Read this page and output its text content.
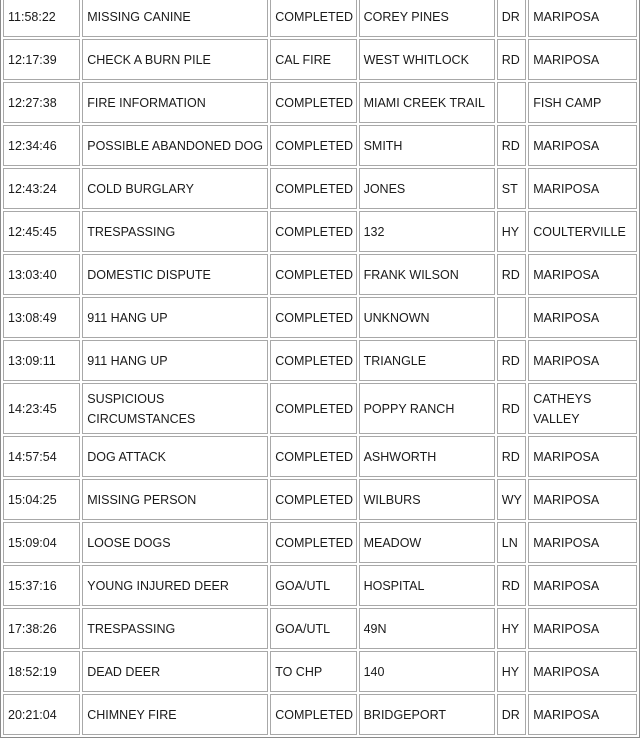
11:58:22	MISSING CANINE	COMPLETED	COREY PINES	DR	MARIPOSA
12:17:39	CHECK A BURN PILE	CAL FIRE	WEST WHITLOCK	RD	MARIPOSA
12:27:38	FIRE INFORMATION	COMPLETED	MIAMI CREEK TRAIL		FISH CAMP
12:34:46	POSSIBLE ABANDONED DOG	COMPLETED	SMITH	RD	MARIPOSA
12:43:24	COLD BURGLARY	COMPLETED	JONES	ST	MARIPOSA
12:45:45	TRESPASSING	COMPLETED	132	HY	COULTERVILLE
13:03:40	DOMESTIC DISPUTE	COMPLETED	FRANK WILSON	RD	MARIPOSA
13:08:49	911 HANG UP	COMPLETED	UNKNOWN		MARIPOSA
13:09:11	911 HANG UP	COMPLETED	TRIANGLE	RD	MARIPOSA
14:23:45	SUSPICIOUS CIRCUMSTANCES	COMPLETED	POPPY RANCH	RD	CATHEYS VALLEY
14:57:54	DOG ATTACK	COMPLETED	ASHWORTH	RD	MARIPOSA
15:04:25	MISSING PERSON	COMPLETED	WILBURS	WY	MARIPOSA
15:09:04	LOOSE DOGS	COMPLETED	MEADOW	LN	MARIPOSA
15:37:16	YOUNG INJURED DEER	GOA/UTL	HOSPITAL	RD	MARIPOSA
17:38:26	TRESPASSING	GOA/UTL	49N	HY	MARIPOSA
18:52:19	DEAD DEER	TO CHP	140	HY	MARIPOSA
20:21:04	CHIMNEY FIRE	COMPLETED	BRIDGEPORT	DR	MARIPOSA
